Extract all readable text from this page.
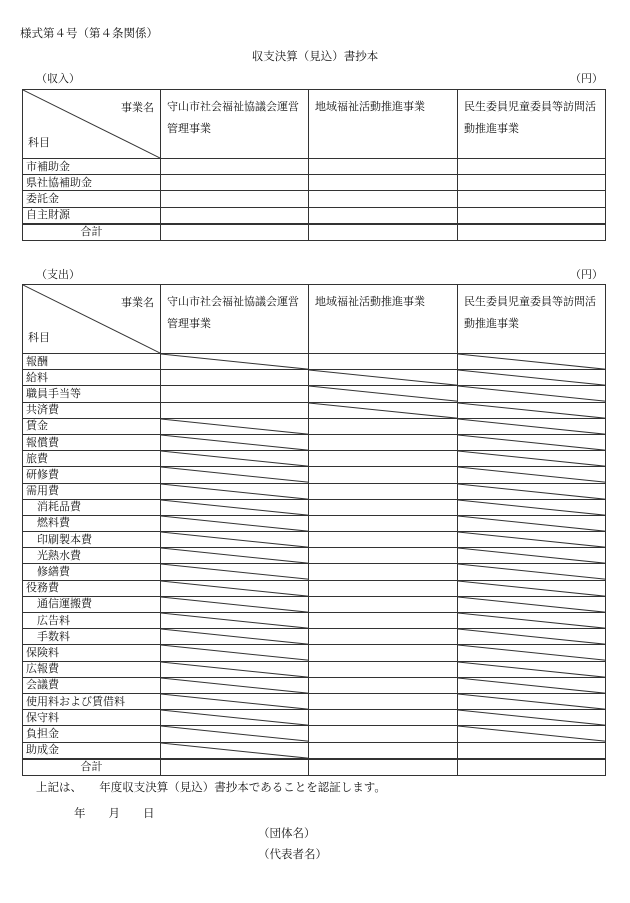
様式第４号（第４条関係）
収支決算（見込）書抄本
（収入）	（円）
事業名
科目	守山市社会福祉協議会運営管理事業	地域福祉活動推進事業	民生委員児童委員等訪問活動推進事業
市補助金			
県社協補助金			
委託金			
自主財源			
合計			
（支出）	（円）
事業名
科目	守山市社会福祉協議会運営管理事業	地域福祉活動推進事業	民生委員児童委員等訪問活動推進事業
報酬	

給料		

職員手当等		

共済費		

賃金	

報償費	

旅費	

研修費	

需用費	

消耗品費	

燃料費	

印刷製本費	

光熱水費	

修繕費	

役務費	

通信運搬費	

広告料	

手数料	

保険料	

広報費	

会議費	

使用料および賃借料	

保守料	

負担金	

助成金	

合計			
上記は、　　年度収支決算（見込）書抄本であることを認証します。
年　　月　　日
（団体名）
（代表者名）
